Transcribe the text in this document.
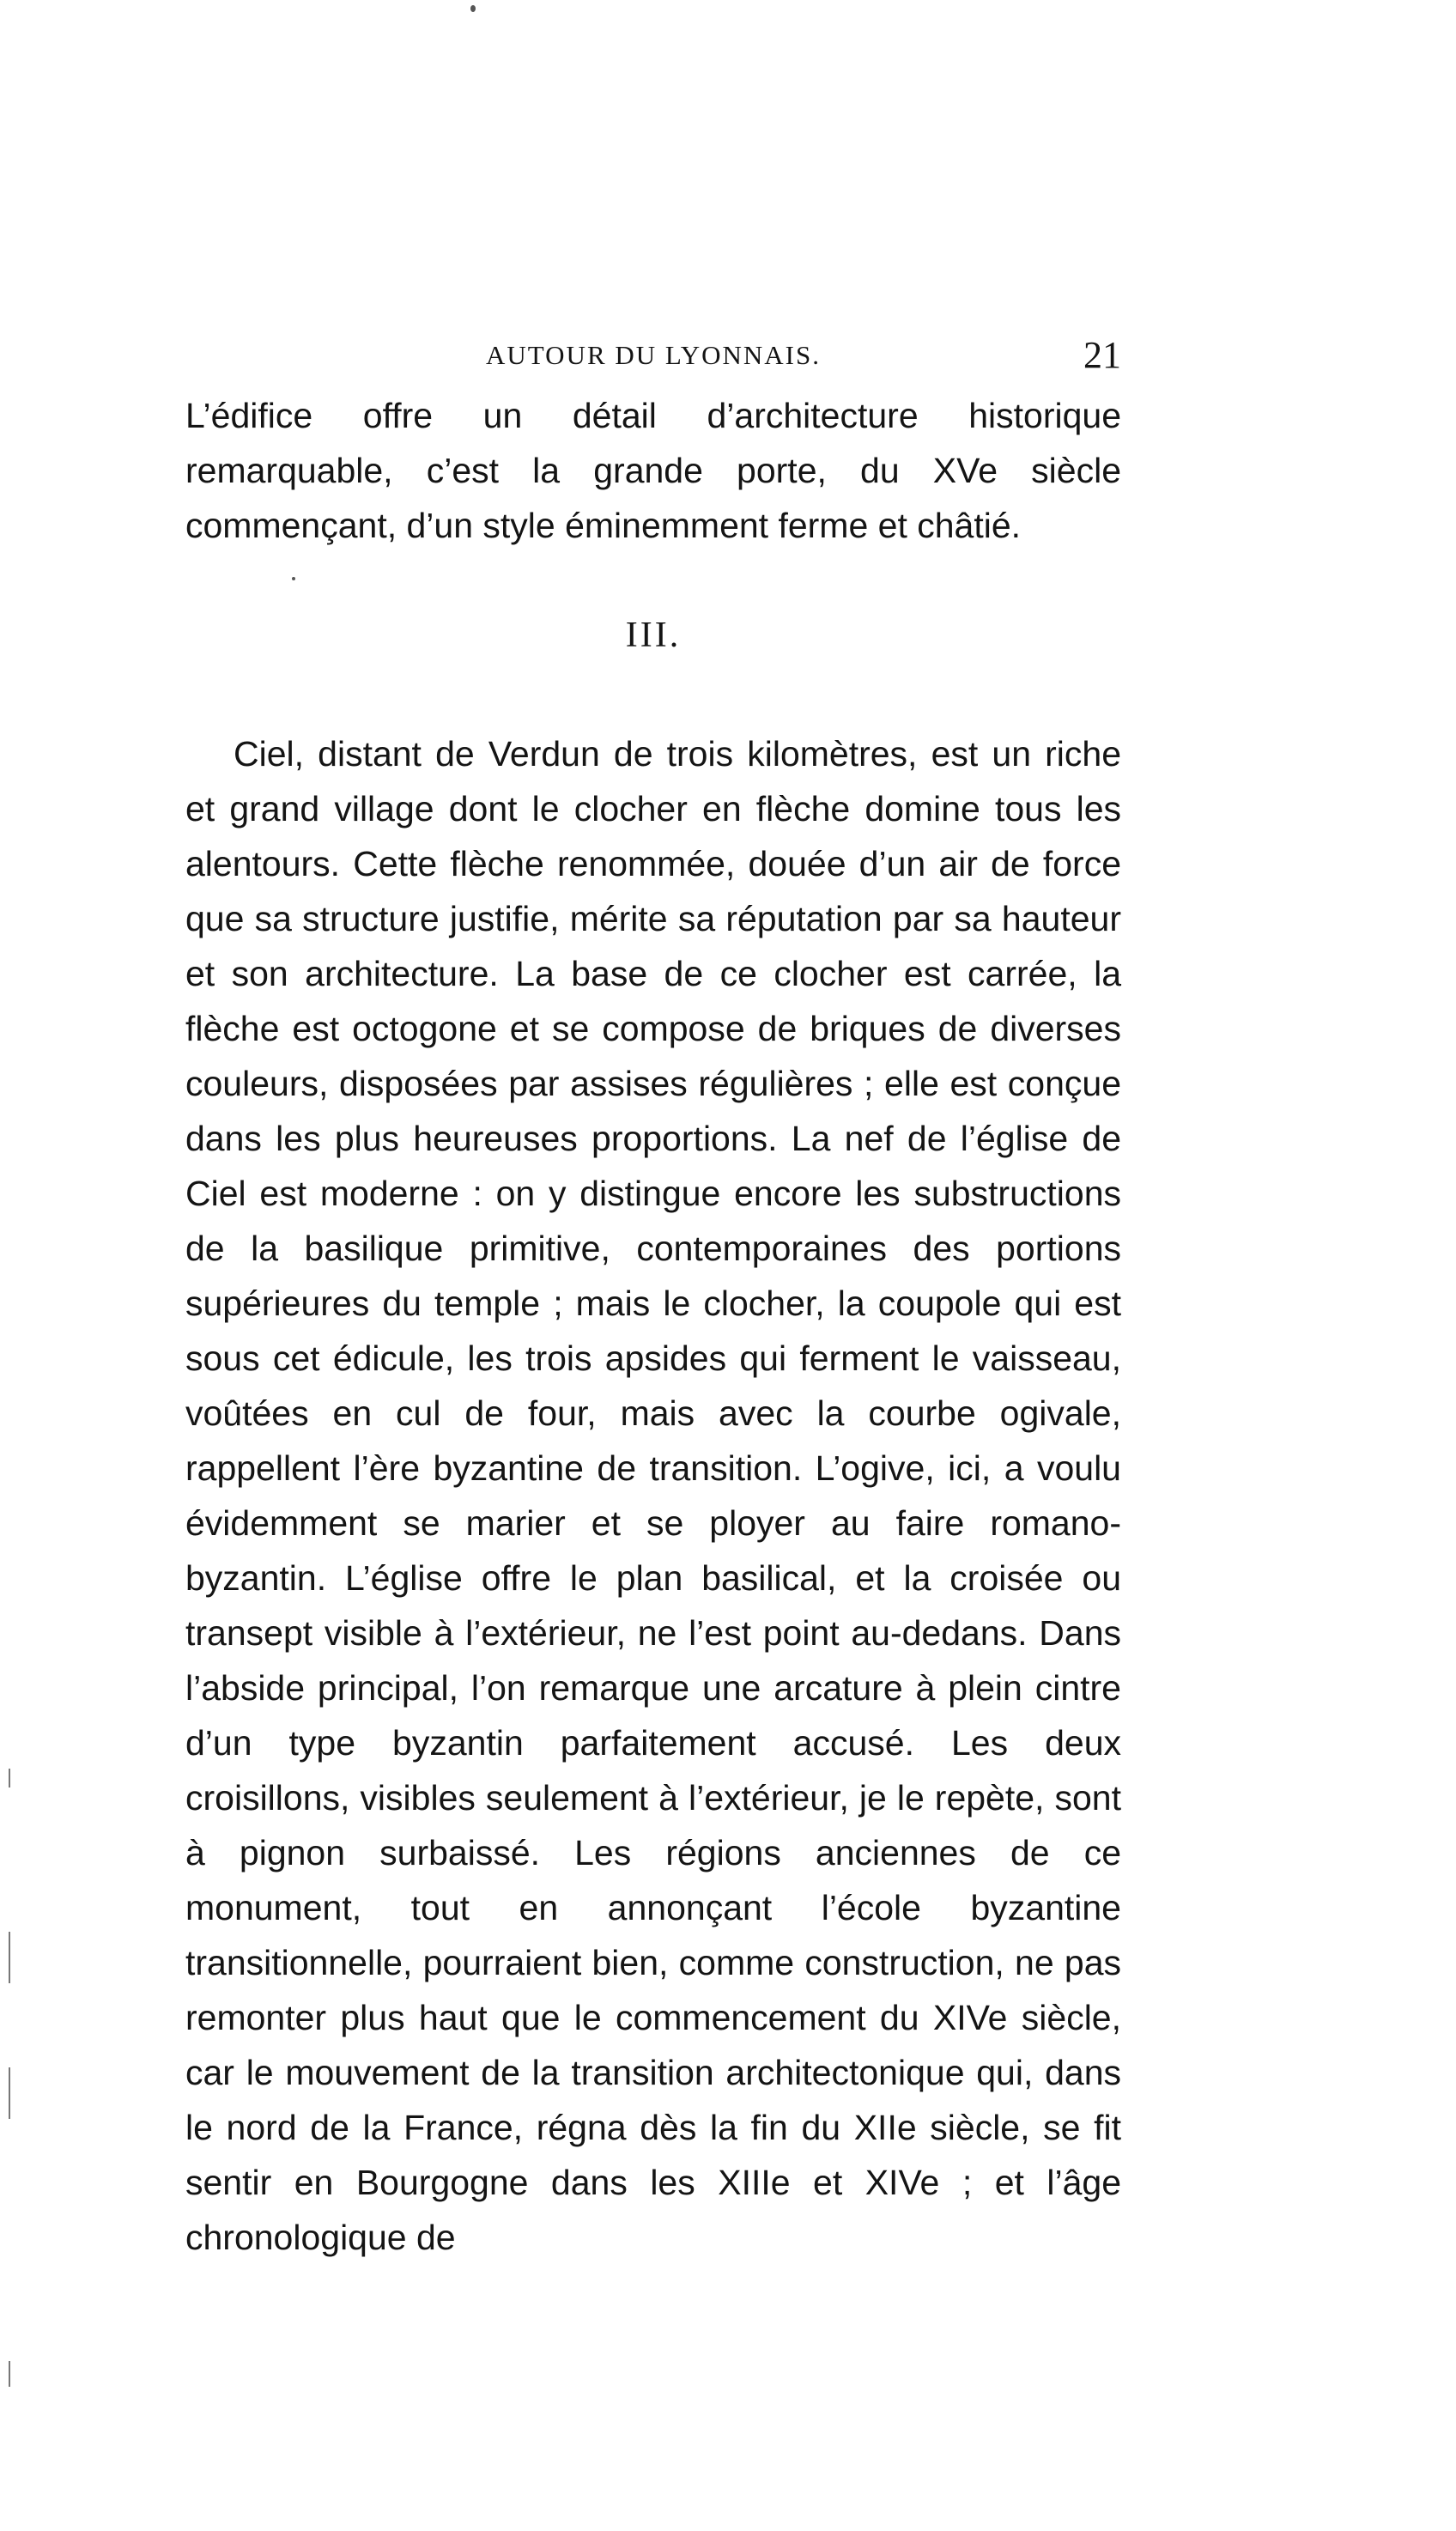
AUTOUR DU LYONNAIS.	21

L’édifice offre un détail d’architecture historique remarquable, c’est la grande porte, du XVe siècle commençant, d’un style éminemment ferme et châtié.

III.

Ciel, distant de Verdun de trois kilomètres, est un riche et grand village dont le clocher en flèche domine tous les alentours. Cette flèche renommée, douée d’un air de force que sa structure justifie, mérite sa réputation par sa hauteur et son architecture. La base de ce clocher est carrée, la flèche est octogone et se compose de briques de diverses couleurs, disposées par assises régulières ; elle est conçue dans les plus heureuses proportions. La nef de l’église de Ciel est moderne : on y distingue encore les substructions de la basilique primitive, contemporaines des portions supérieures du temple ; mais le clocher, la coupole qui est sous cet édicule, les trois apsides qui ferment le vaisseau, voûtées en cul de four, mais avec la courbe ogivale, rappellent l’ère byzantine de transition. L’ogive, ici, a voulu évidemment se marier et se ployer au faire romano-byzantin. L’église offre le plan basilical, et la croisée ou transept visible à l’extérieur, ne l’est point au-dedans. Dans l’abside principal, l’on remarque une arcature à plein cintre d’un type byzantin parfaitement accusé. Les deux croisillons, visibles seulement à l’extérieur, je le repète, sont à pignon surbaissé. Les régions anciennes de ce monument, tout en annonçant l’école byzantine transitionnelle, pourraient bien, comme construction, ne pas remonter plus haut que le commencement du XIVe siècle, car le mouvement de la transition architectonique qui, dans le nord de la France, régna dès la fin du XIIe siècle, se fit sentir en Bourgogne dans les XIIIe et XIVe ; et l’âge chronologique de
